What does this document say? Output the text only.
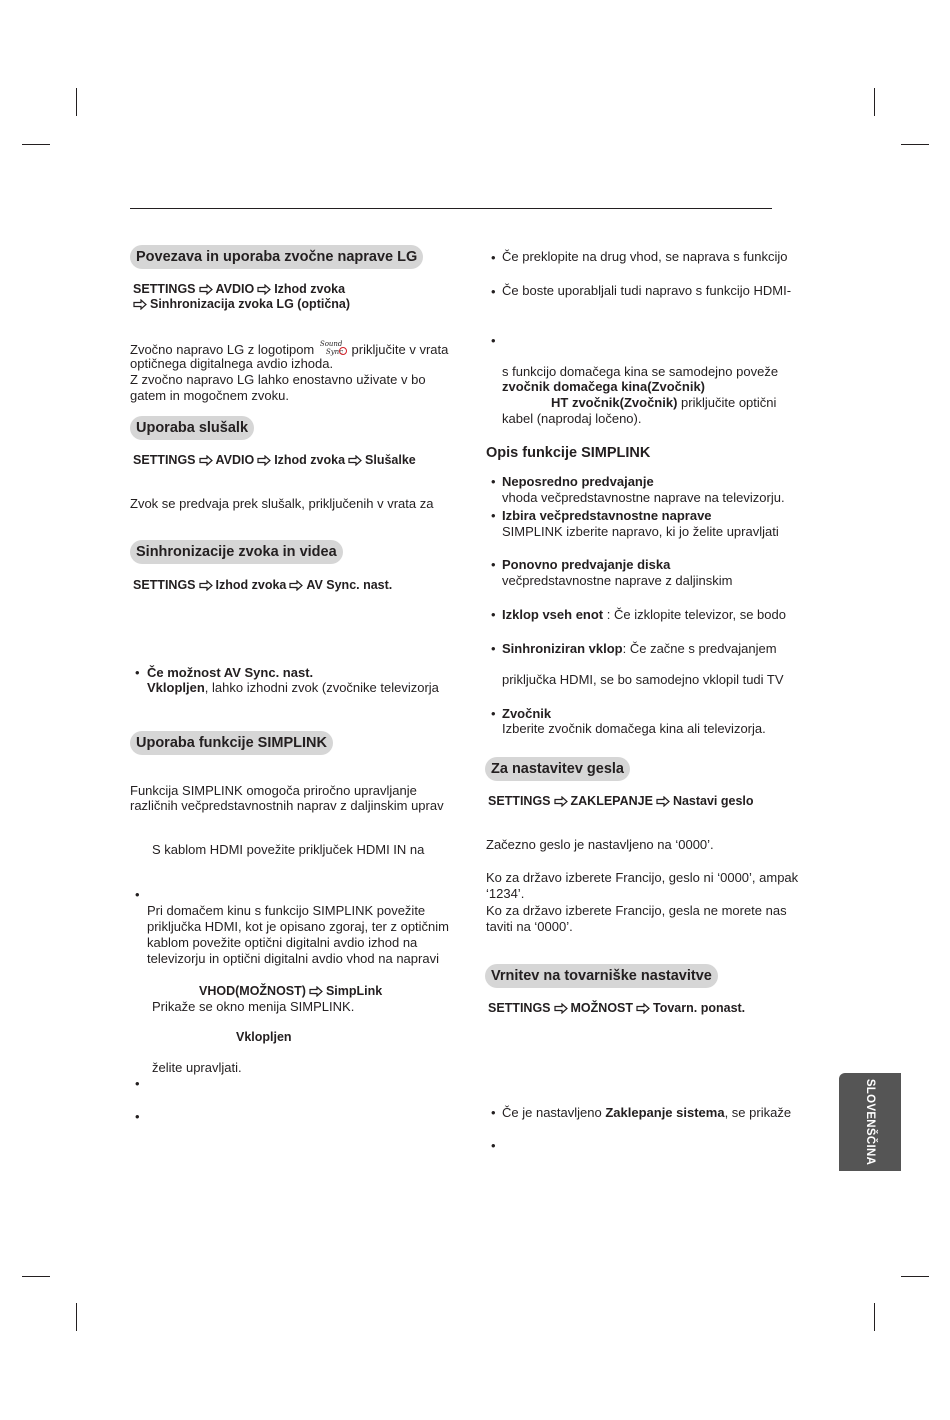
Povezava in uporaba zvočne naprave LG
SETTINGS AVDIO Izhod zvoka
Sinhronizacija zvoka LG (optična)
Zvočno napravo LG z logotipom Sound
Sync priključite v vrata
optičnega digitalnega avdio izhoda.
Z zvočno napravo LG lahko enostavno uživate v bo
gatem in mogočnem zvoku.
Uporaba slušalk
SETTINGS AVDIO Izhod zvoka Slušalke
Zvok se predvaja prek slušalk, priključenih v vrata za
Sinhronizacije zvoka in videa
SETTINGS Izhod zvoka AV Sync. nast.
• Če možnost AV Sync. nast.
Vklopljen, lahko izhodni zvok (zvočnike televizorja
Uporaba funkcije SIMPLINK
Funkcija SIMPLINK omogoča priročno upravljanje
različnih večpredstavnostnih naprav z daljinskim uprav
S kablom HDMI povežite priključek HDMI IN na
•
Pri domačem kinu s funkcijo SIMPLINK povežite
priključka HDMI, kot je opisano zgoraj, ter z optičnim
kablom povežite optični digitalni avdio izhod na
televizorju in optični digitalni avdio vhod na napravi
VHOD(MOŽNOST) SimpLink
Prikaže se okno menija SIMPLINK.
Vklopljen
želite upravljati.
•
•
• Če preklopite na drug vhod, se naprava s funkcijo
• Če boste uporabljali tudi napravo s funkcijo HDMI-
•
s funkcijo domačega kina se samodejno poveže
zvočnik domačega kina(Zvočnik)
HT zvočnik(Zvočnik) priključite optični
kabel (naprodaj ločeno).
Opis funkcije SIMPLINK
• Neposredno predvajanje
vhoda večpredstavnostne naprave na televizorju.
• Izbira večpredstavnostne naprave
SIMPLINK izberite napravo, ki jo želite upravljati
• Ponovno predvajanje diska
večpredstavnostne naprave z daljinskim
• Izklop vseh enot : Če izklopite televizor, se bodo
• Sinhroniziran vklop: Če začne s predvajanjem
priključka HDMI, se bo samodejno vklopil tudi TV
• Zvočnik
Izberite zvočnik domačega kina ali televizorja.
Za nastavitev gesla
SETTINGS ZAKLEPANJE Nastavi geslo
Začezno geslo je nastavljeno na ‘0000’.
Ko za državo izberete Francijo, geslo ni ‘0000’, ampak
‘1234’.
Ko za državo izberete Francijo, gesla ne morete nas
taviti na ‘0000’.
Vrnitev na tovarniške nastavitve
SETTINGS MOŽNOST Tovarn. ponast.
• Če je nastavljeno Zaklepanje sistema, se prikaže
•	SLOVENŠČINA
